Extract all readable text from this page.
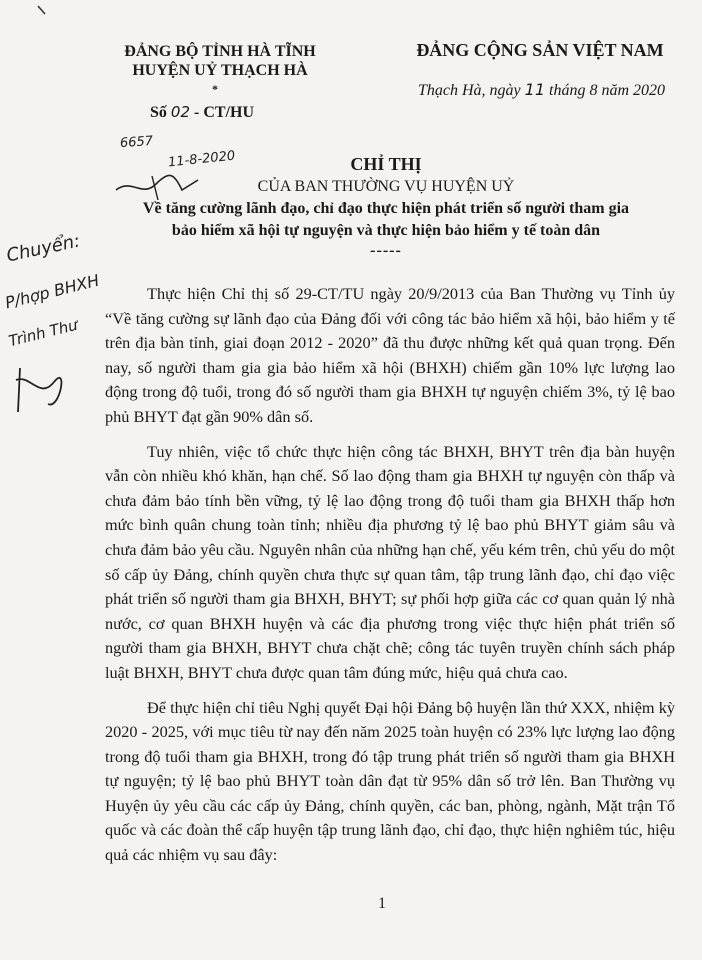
ĐẢNG BỘ TỈNH HÀ TĨNH
HUYỆN UỶ THẠCH HÀ
*
Số 02 - CT/HU
ĐẢNG CỘNG SẢN VIỆT NAM
Thạch Hà, ngày 11 tháng 8 năm 2020
6657
11-8-2020
Chuyển:
P/hợp BHXH
Trình Thư
CHỈ THỊ
CỦA BAN THƯỜNG VỤ HUYỆN UỶ
Về tăng cường lãnh đạo, chỉ đạo thực hiện phát triển số người tham gia
bảo hiểm xã hội tự nguyện và thực hiện bảo hiểm y tế toàn dân
-----

Thực hiện Chỉ thị số 29-CT/TU ngày 20/9/2013 của Ban Thường vụ Tỉnh ủy “Về tăng cường sự lãnh đạo của Đảng đối với công tác bảo hiểm xã hội, bảo hiểm y tế trên địa bàn tỉnh, giai đoạn 2012 - 2020” đã thu được những kết quả quan trọng. Đến nay, số người tham gia gia bảo hiểm xã hội (BHXH) chiếm gần 10% lực lượng lao động trong độ tuổi, trong đó số người tham gia BHXH tự nguyện chiếm 3%, tỷ lệ bao phủ BHYT đạt gần 90% dân số.

Tuy nhiên, việc tổ chức thực hiện công tác BHXH, BHYT trên địa bàn huyện vẫn còn nhiều khó khăn, hạn chế. Số lao động tham gia BHXH tự nguyện còn thấp và chưa đảm bảo tính bền vững, tỷ lệ lao động trong độ tuổi tham gia BHXH thấp hơn mức bình quân chung toàn tỉnh; nhiều địa phương tỷ lệ bao phủ BHYT giảm sâu và chưa đảm bảo yêu cầu. Nguyên nhân của những hạn chế, yếu kém trên, chủ yếu do một số cấp ủy Đảng, chính quyền chưa thực sự quan tâm, tập trung lãnh đạo, chỉ đạo việc phát triển số người tham gia BHXH, BHYT; sự phối hợp giữa các cơ quan quản lý nhà nước, cơ quan BHXH huyện và các địa phương trong việc thực hiện phát triển số người tham gia BHXH, BHYT chưa chặt chẽ; công tác tuyên truyền chính sách pháp luật BHXH, BHYT chưa được quan tâm đúng mức, hiệu quả chưa cao.

Để thực hiện chỉ tiêu Nghị quyết Đại hội Đảng bộ huyện lần thứ XXX, nhiệm kỳ 2020 - 2025, với mục tiêu từ nay đến năm 2025 toàn huyện có 23% lực lượng lao động trong độ tuổi tham gia BHXH, trong đó tập trung phát triển số người tham gia BHXH tự nguyện; tỷ lệ bao phủ BHYT toàn dân đạt từ 95% dân số trở lên. Ban Thường vụ Huyện ủy yêu cầu các cấp ủy Đảng, chính quyền, các ban, phòng, ngành, Mặt trận Tổ quốc và các đoàn thể cấp huyện tập trung lãnh đạo, chỉ đạo, thực hiện nghiêm túc, hiệu quả các nhiệm vụ sau đây:

1
